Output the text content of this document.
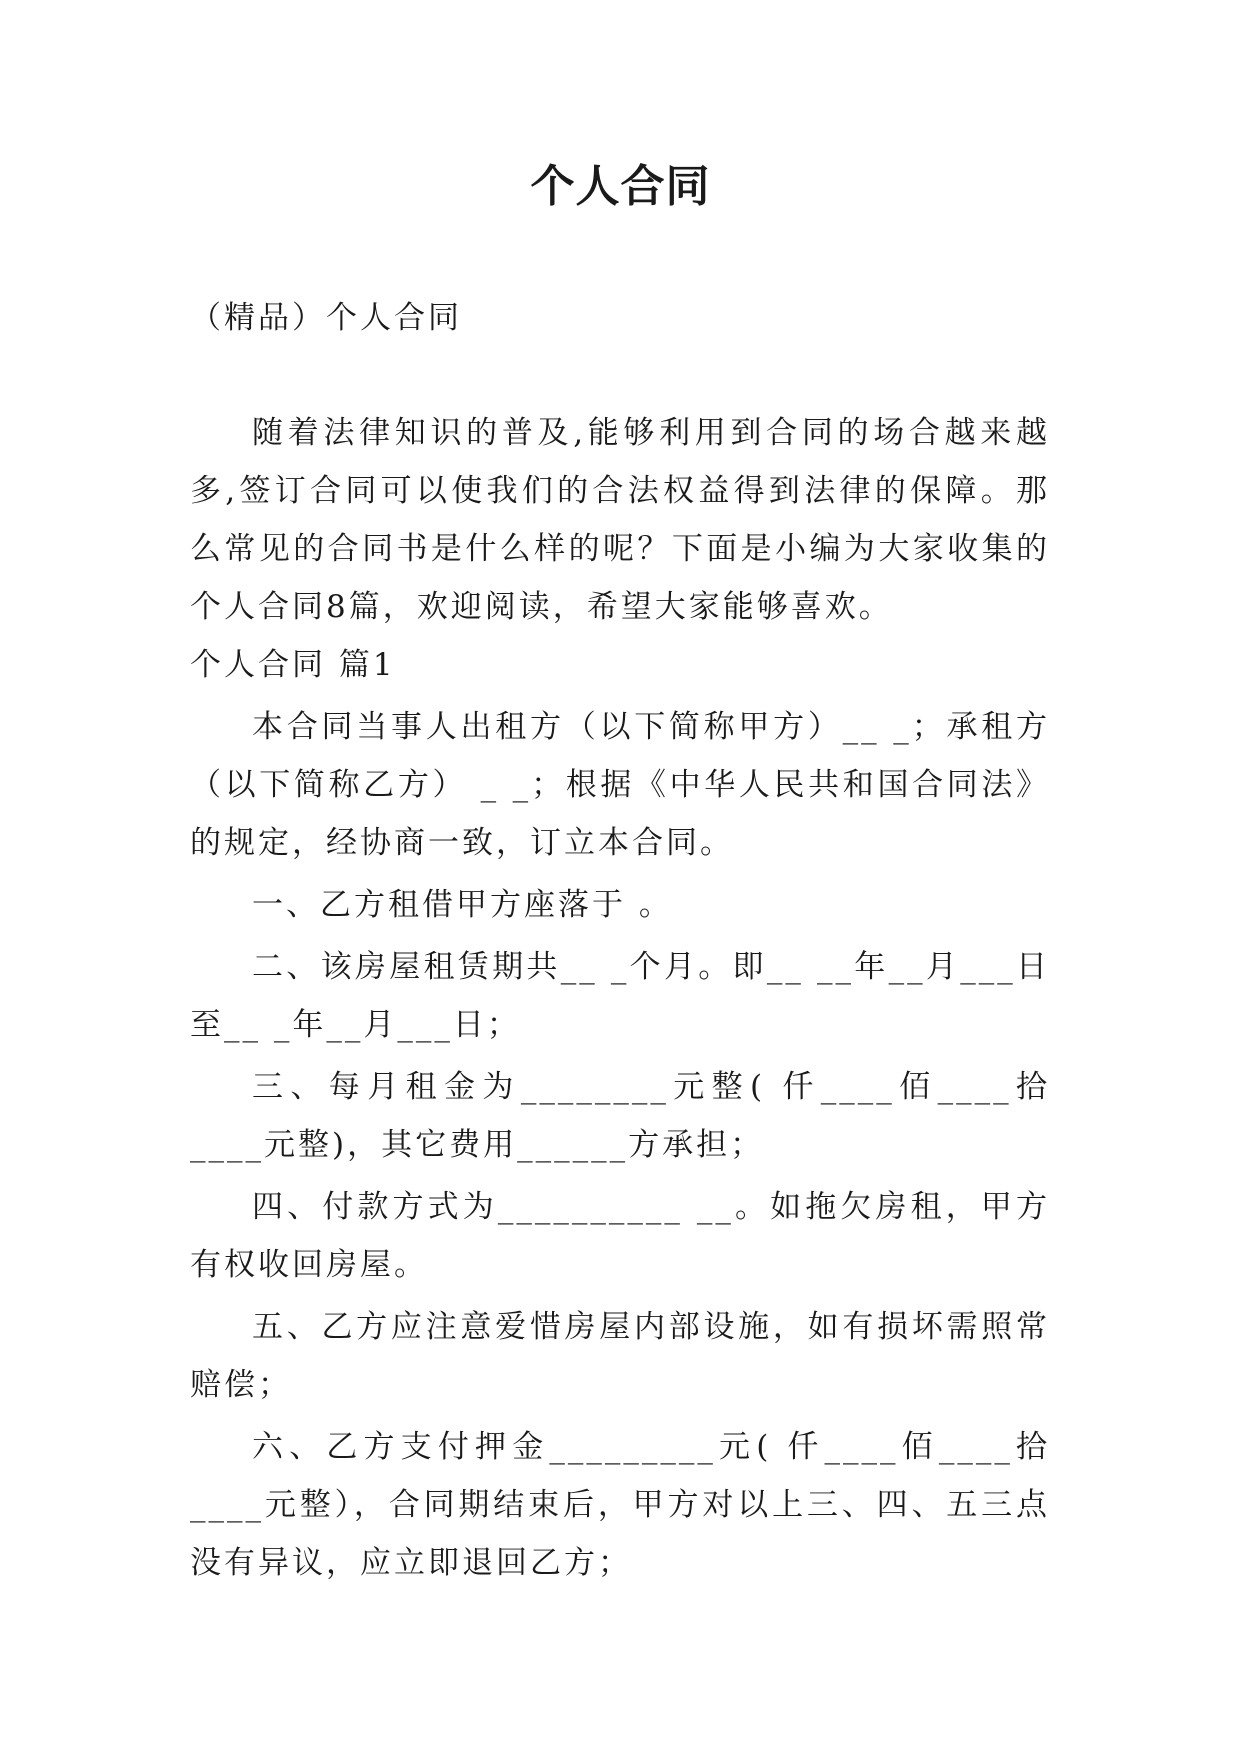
个人合同

（精品）个人合同

随着法律知识的普及,能够利用到合同的场合越来越多,签订合同可以使我们的合法权益得到法律的保障。那么常见的合同书是什么样的呢？下面是小编为大家收集的个人合同8篇，欢迎阅读，希望大家能够喜欢。

个人合同 篇1

本合同当事人出租方（以下简称甲方）__ _；承租方（以下简称乙方） _ _；根据《中华人民共和国合同法》的规定，经协商一致，订立本合同。

一、乙方租借甲方座落于 。

二、该房屋租赁期共__ _个月。即__ __年__月___日至__ _年__月___日；

三、每月租金为________元整( 仟____佰____拾____元整)，其它费用______方承担；

四、付款方式为__________ __。如拖欠房租，甲方有权收回房屋。

五、乙方应注意爱惜房屋内部设施，如有损坏需照常赔偿；

六、乙方支付押金_________元( 仟____佰____拾____元整），合同期结束后，甲方对以上三、四、五三点没有异议，应立即退回乙方；
